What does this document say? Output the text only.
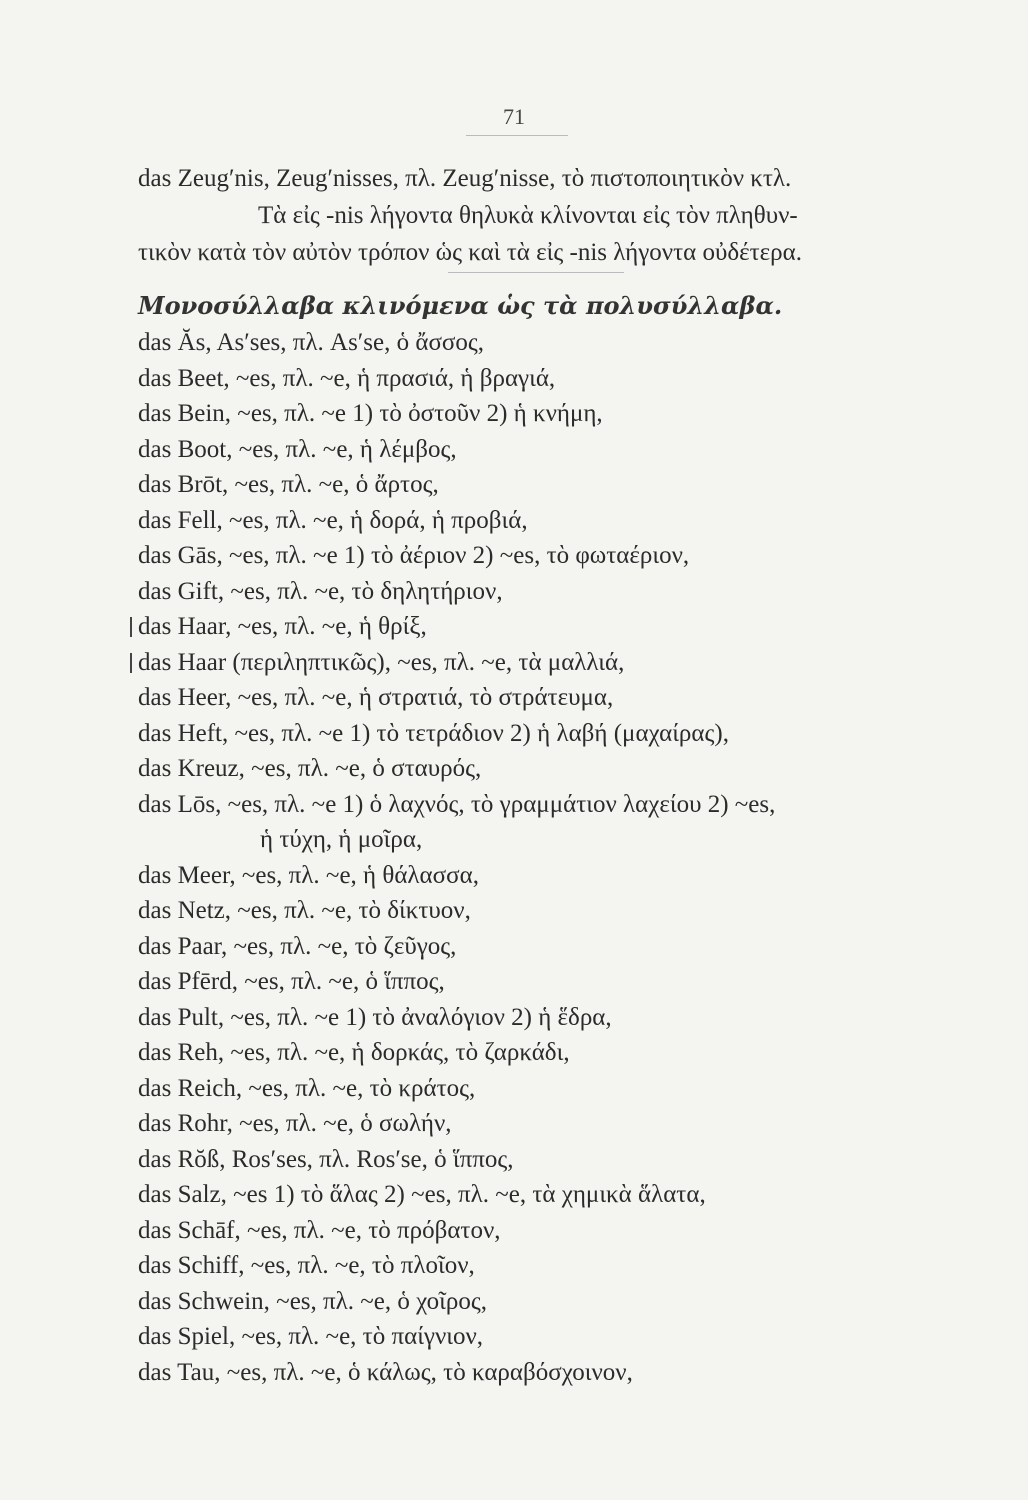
71
das Zeug′nis, Zeug′nisses, πλ. Zeug′nisse, τὸ πιστοποιητικὸν κτλ.
Τὰ εἰς -nis λήγοντα θηλυκὰ κλίνονται εἰς τὸν πληθυν-
τικὸν κατὰ τὸν αὐτὸν τρόπον ὡς καὶ τὰ εἰς -nis λήγοντα οὐδέτερα.
Μονοσύλλαβα κλινόμενα ὡς τὰ πολυσύλλαβα.
das Ăs, As′ses, πλ. As′se, ὁ ἄσσος,
das Beet, ~es, πλ. ~e, ἡ πρασιά, ἡ βραγιά,
das Bein, ~es, πλ. ~e 1) τὸ ὀστοῦν 2) ἡ κνήμη,
das Boot, ~es, πλ. ~e, ἡ λέμβος,
das Brōt, ~es, πλ. ~e, ὁ ἄρτος,
das Fell, ~es, πλ. ~e, ἡ δορά, ἡ προβιά,
das Gās, ~es, πλ. ~e 1) τὸ ἀέριον 2) ~es, τὸ φωταέριον,
das Gift, ~es, πλ. ~e, τὸ δηλητήριον,
das Haar, ~es, πλ. ~e, ἡ θρίξ,
das Haar (περιληπτικῶς), ~es, πλ. ~e, τὰ μαλλιά,
das Heer, ~es, πλ. ~e, ἡ στρατιά, τὸ στράτευμα,
das Heft, ~es, πλ. ~e 1) τὸ τετράδιον 2) ἡ λαβή (μαχαίρας),
das Kreuz, ~es, πλ. ~e, ὁ σταυρός,
das Lōs, ~es, πλ. ~e 1) ὁ λαχνός, τὸ γραμμάτιον λαχείου 2) ~es,
ἡ τύχη, ἡ μοῖρα,
das Meer, ~es, πλ. ~e, ἡ θάλασσα,
das Netz, ~es, πλ. ~e, τὸ δίκτυον,
das Paar, ~es, πλ. ~e, τὸ ζεῦγος,
das Pfērd, ~es, πλ. ~e, ὁ ἵππος,
das Pult, ~es, πλ. ~e 1) τὸ ἀναλόγιον 2) ἡ ἕδρα,
das Reh, ~es, πλ. ~e, ἡ δορκάς, τὸ ζαρκάδι,
das Reich, ~es, πλ. ~e, τὸ κράτος,
das Rohr, ~es, πλ. ~e, ὁ σωλήν,
das Rŏß, Ros′ses, πλ. Ros′se, ὁ ἵππος,
das Salz, ~es 1) τὸ ἅλας 2) ~es, πλ. ~e, τὰ χημικὰ ἅλατα,
das Schāf, ~es, πλ. ~e, τὸ πρόβατον,
das Schiff, ~es, πλ. ~e, τὸ πλοῖον,
das Schwein, ~es, πλ. ~e, ὁ χοῖρος,
das Spiel, ~es, πλ. ~e, τὸ παίγνιον,
das Tau, ~es, πλ. ~e, ὁ κάλως, τὸ καραβόσχοινον,
